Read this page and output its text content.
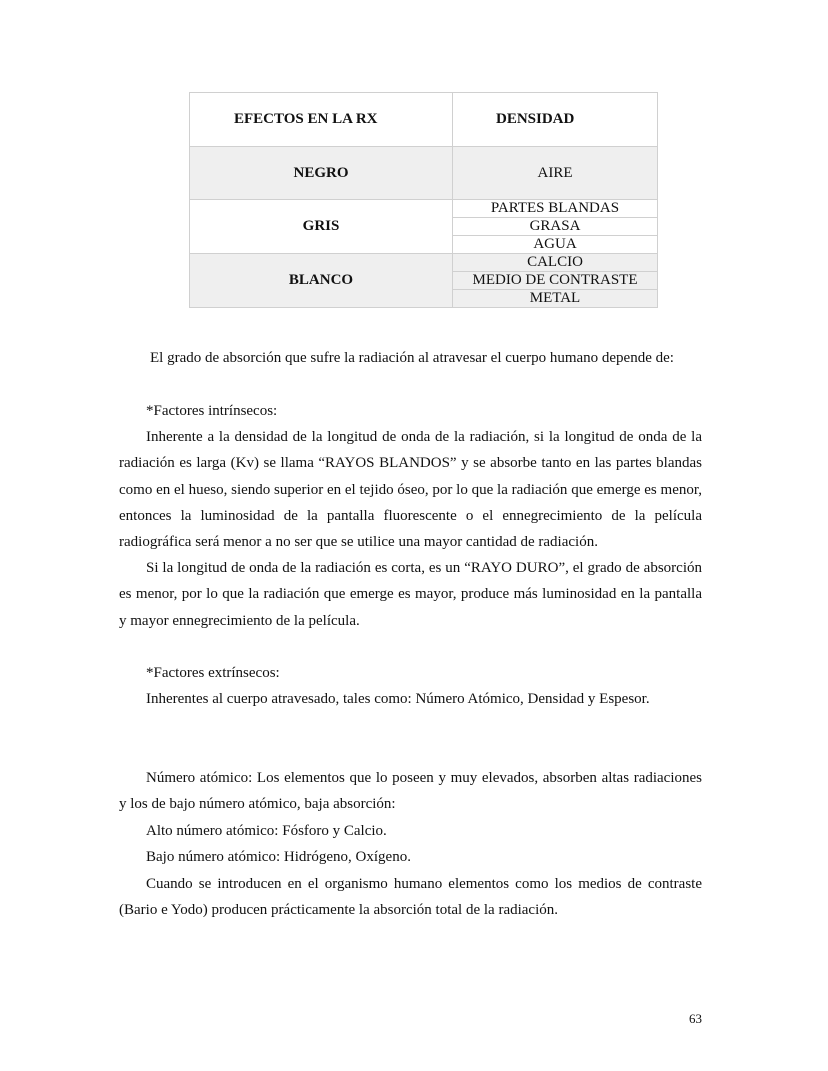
EFECTOS EN LA RX	DENSIDAD
NEGRO	AIRE
GRIS	PARTES BLANDAS
GRASA
AGUA

BLANCO	CALCIO
MEDIO DE CONTRASTE
METAL

El grado de absorción que sufre la radiación al atravesar el cuerpo humano depende de:

*Factores intrínsecos:

Inherente a la densidad de la longitud de onda de la radiación, si la longitud de onda de la radiación es larga (Kv) se llama “RAYOS BLANDOS” y se absorbe tanto en las partes blandas como en el hueso, siendo superior en el tejido óseo, por lo que la radiación que emerge es menor, entonces la luminosidad de la pantalla fluorescente o el ennegrecimiento de la película radiográfica será menor a no ser que se utilice una mayor cantidad de radiación.

Si la longitud de onda de la radiación es corta, es un “RAYO DURO”, el grado de absorción es menor, por lo que la radiación que emerge es mayor, produce más luminosidad en la pantalla y mayor ennegrecimiento de la película.

*Factores extrínsecos:

Inherentes al cuerpo atravesado, tales como: Número Atómico, Densidad y Espesor.

Número atómico: Los elementos que lo poseen y muy elevados, absorben altas radiaciones y los de bajo número atómico, baja absorción:

Alto número atómico: Fósforo y Calcio.

Bajo número atómico: Hidrógeno, Oxígeno.

Cuando se introducen en el organismo humano elementos como los medios de contraste (Bario e Yodo) producen prácticamente la absorción total de la radiación.

63
